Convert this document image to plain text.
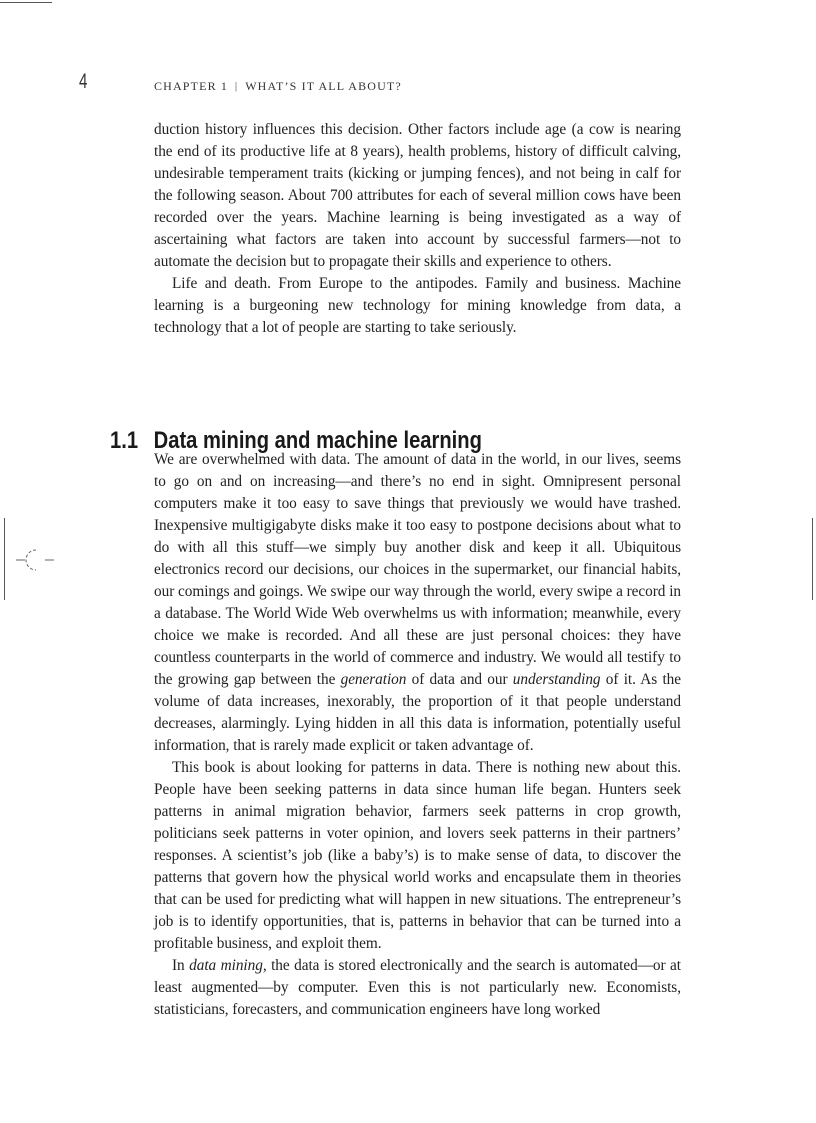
4	CHAPTER 1 | WHAT’S IT ALL ABOUT?

duction history influences this decision. Other factors include age (a cow is nearing the end of its productive life at 8 years), health problems, history of difficult calving, undesirable temperament traits (kicking or jumping fences), and not being in calf for the following season. About 700 attributes for each of several million cows have been recorded over the years. Machine learning is being investigated as a way of ascertaining what factors are taken into account by successful farmers—not to automate the decision but to propagate their skills and experience to others.

Life and death. From Europe to the antipodes. Family and business. Machine learning is a burgeoning new technology for mining knowledge from data, a technology that a lot of people are starting to take seriously.

1.1 Data mining and machine learning

We are overwhelmed with data. The amount of data in the world, in our lives, seems to go on and on increasing—and there’s no end in sight. Omnipresent personal computers make it too easy to save things that previously we would have trashed. Inexpensive multigigabyte disks make it too easy to postpone decisions about what to do with all this stuff—we simply buy another disk and keep it all. Ubiquitous electronics record our decisions, our choices in the supermarket, our financial habits, our comings and goings. We swipe our way through the world, every swipe a record in a database. The World Wide Web overwhelms us with information; meanwhile, every choice we make is recorded. And all these are just personal choices: they have countless counterparts in the world of commerce and industry. We would all testify to the growing gap between the generation of data and our understanding of it. As the volume of data increases, inexorably, the proportion of it that people understand decreases, alarmingly. Lying hidden in all this data is information, potentially useful information, that is rarely made explicit or taken advantage of.

This book is about looking for patterns in data. There is nothing new about this. People have been seeking patterns in data since human life began. Hunters seek patterns in animal migration behavior, farmers seek patterns in crop growth, politicians seek patterns in voter opinion, and lovers seek patterns in their partners’ responses. A scientist’s job (like a baby’s) is to make sense of data, to discover the patterns that govern how the physical world works and encapsulate them in theories that can be used for predicting what will happen in new situations. The entrepreneur’s job is to identify opportunities, that is, patterns in behavior that can be turned into a profitable business, and exploit them.

In data mining, the data is stored electronically and the search is automated—or at least augmented—by computer. Even this is not particularly new. Economists, statisticians, forecasters, and communication engineers have long worked
